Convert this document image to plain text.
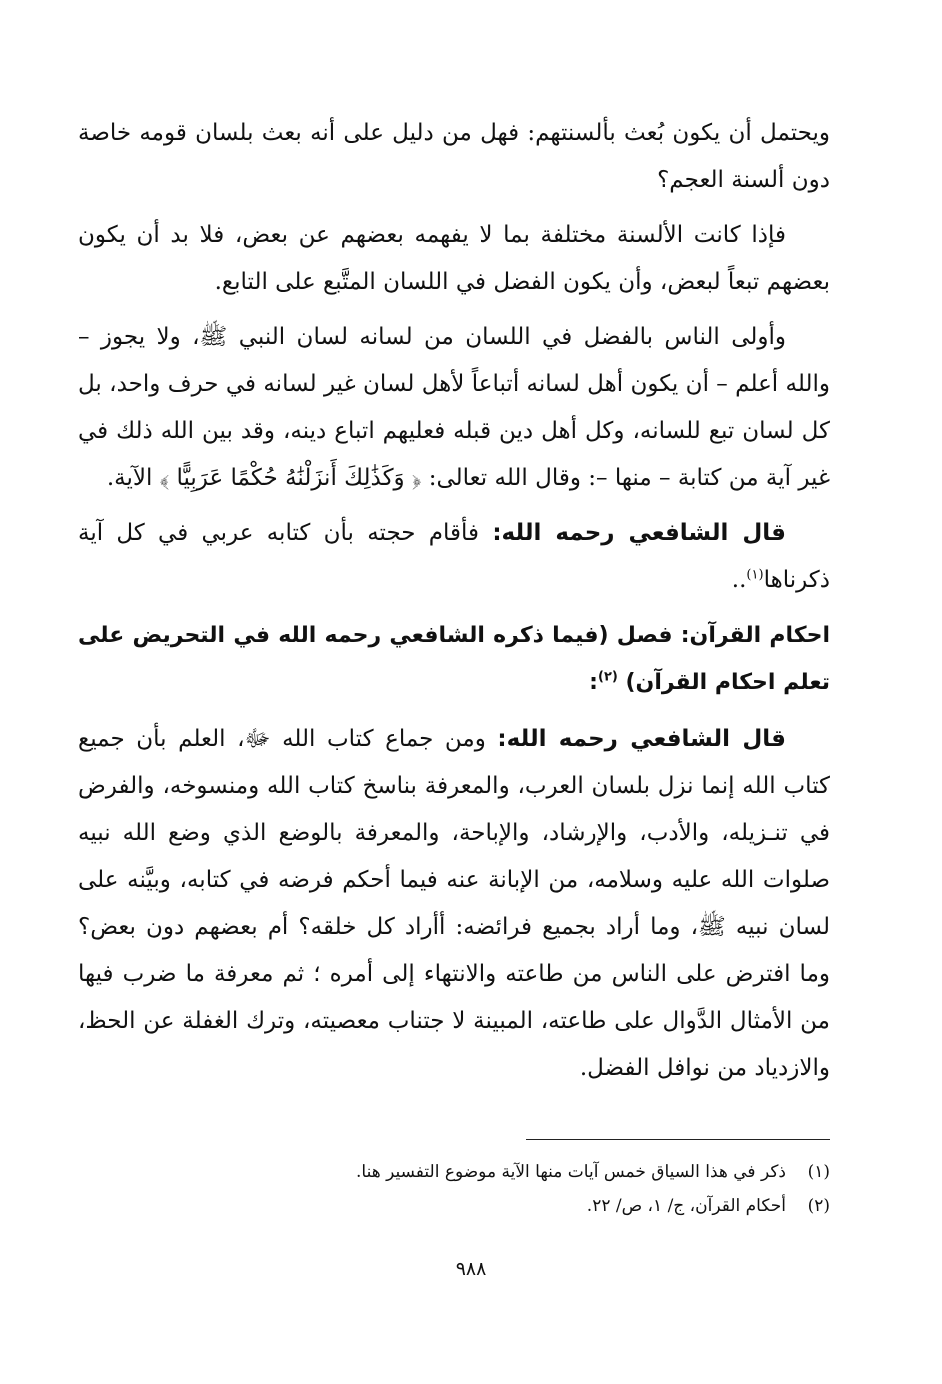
ويحتمل أن يكون بُعث بألسنتهم: فهل من دليل على أنه بعث بلسان قومه خاصة دون ألسنة العجم؟

فإذا كانت الألسنة مختلفة بما لا يفهمه بعضهم عن بعض، فلا بد أن يكون بعضهم تبعاً لبعض، وأن يكون الفضل في اللسان المتَّبع على التابع.

وأولى الناس بالفضل في اللسان من لسانه لسان النبي ﷺ، ولا يجوز – والله أعلم – أن يكون أهل لسانه أتباعاً لأهل لسان غير لسانه في حرف واحد، بل كل لسان تبع للسانه، وكل أهل دين قبله فعليهم اتباع دينه، وقد بين الله ذلك في غير آية من كتابة – منها –: وقال الله تعالى: ﴿ وَكَذَٰلِكَ أَنزَلْنَٰهُ حُكْمًا عَرَبِيًّا ﴾ الآية.

قال الشافعي رحمه الله: فأقام حجته بأن كتابه عربي في كل آية ذكرناها$^{(١)}$..

احكام القرآن: فصل (فيما ذكره الشافعي رحمه الله في التحريض على تعلم احكام القرآن) $^{(٢)}$:

قال الشافعي رحمه الله: ومن جماع كتاب الله ﷻ، العلم بأن جميع كتاب الله إنما نزل بلسان العرب، والمعرفة بناسخ كتاب الله ومنسوخه، والفرض في تنـزيله، والأدب، والإرشاد، والإباحة، والمعرفة بالوضع الذي وضع الله نبيه صلوات الله عليه وسلامه، من الإبانة عنه فيما أحكم فرضه في كتابه، وبيَّنه على لسان نبيه ﷺ، وما أراد بجميع فرائضه: أأراد كل خلقه؟ أم بعضهم دون بعض؟ وما افترض على الناس من طاعته والانتهاء إلى أمره ؛ ثم معرفة ما ضرب فيها من الأمثال الدَّوال على طاعته، المبينة لا جتناب معصيته، وترك الغفلة عن الحظ، والازدياد من نوافل الفضل.

(١)
ذكر في هذا السياق خمس آيات منها الآية موضوع التفسير هنا.
(٢)
أحكام القرآن، ج/ ١، ص/ ٢٢.
٩٨٨
